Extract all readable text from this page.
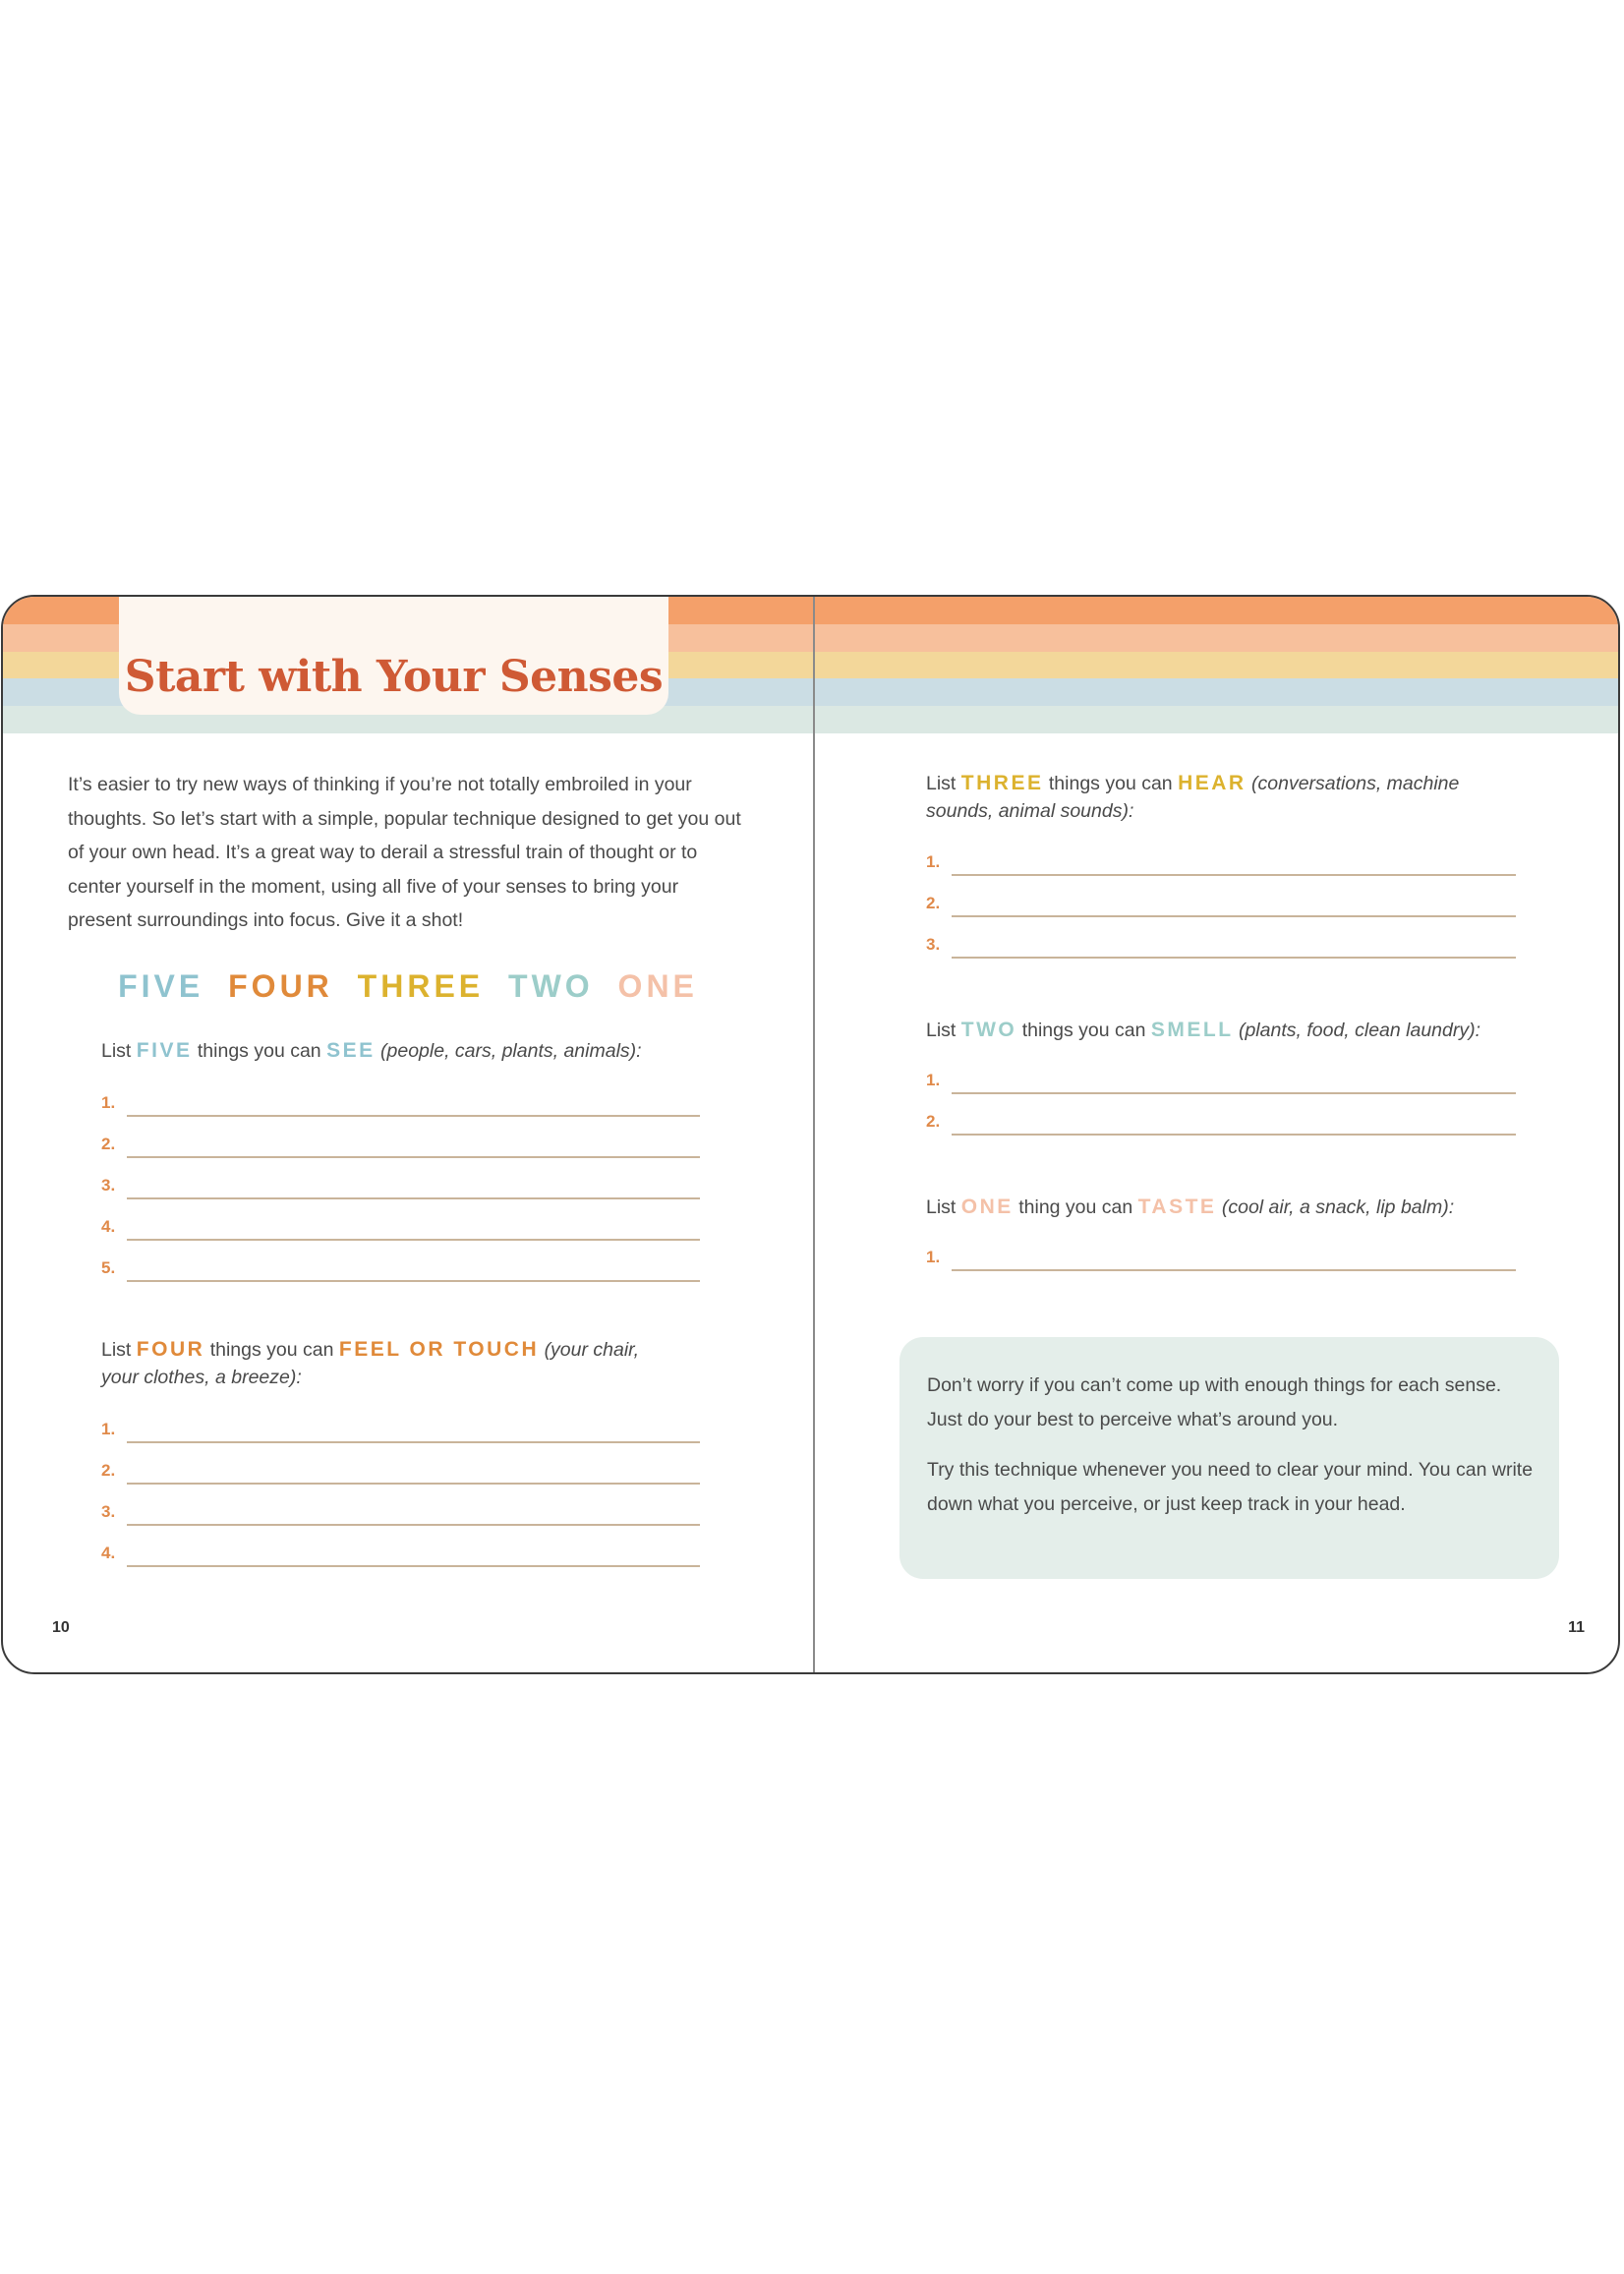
Start with Your Senses
It’s easier to try new ways of thinking if you’re not totally embroiled in your thoughts. So let’s start with a simple, popular technique designed to get you out of your own head. It’s a great way to derail a stressful train of thought or to center yourself in the moment, using all five of your senses to bring your present surroundings into focus. Give it a shot!
FIVE FOUR THREE TWO ONE
List FIVE things you can SEE (people, cars, plants, animals):
1.
2.
3.
4.
5.
List FOUR things you can FEEL OR TOUCH (your chair,
your clothes, a breeze):
1.
2.
3.
4.
10
List THREE things you can HEAR (conversations, machine
sounds, animal sounds):
1.
2.
3.
List TWO things you can SMELL (plants, food, clean laundry):
1.
2.
List ONE thing you can TASTE (cool air, a snack, lip balm):
1.

Don’t worry if you can’t come up with enough things for each sense. Just do your best to perceive what’s around you.

Try this technique whenever you need to clear your mind. You can write down what you perceive, or just keep track in your head.

11
